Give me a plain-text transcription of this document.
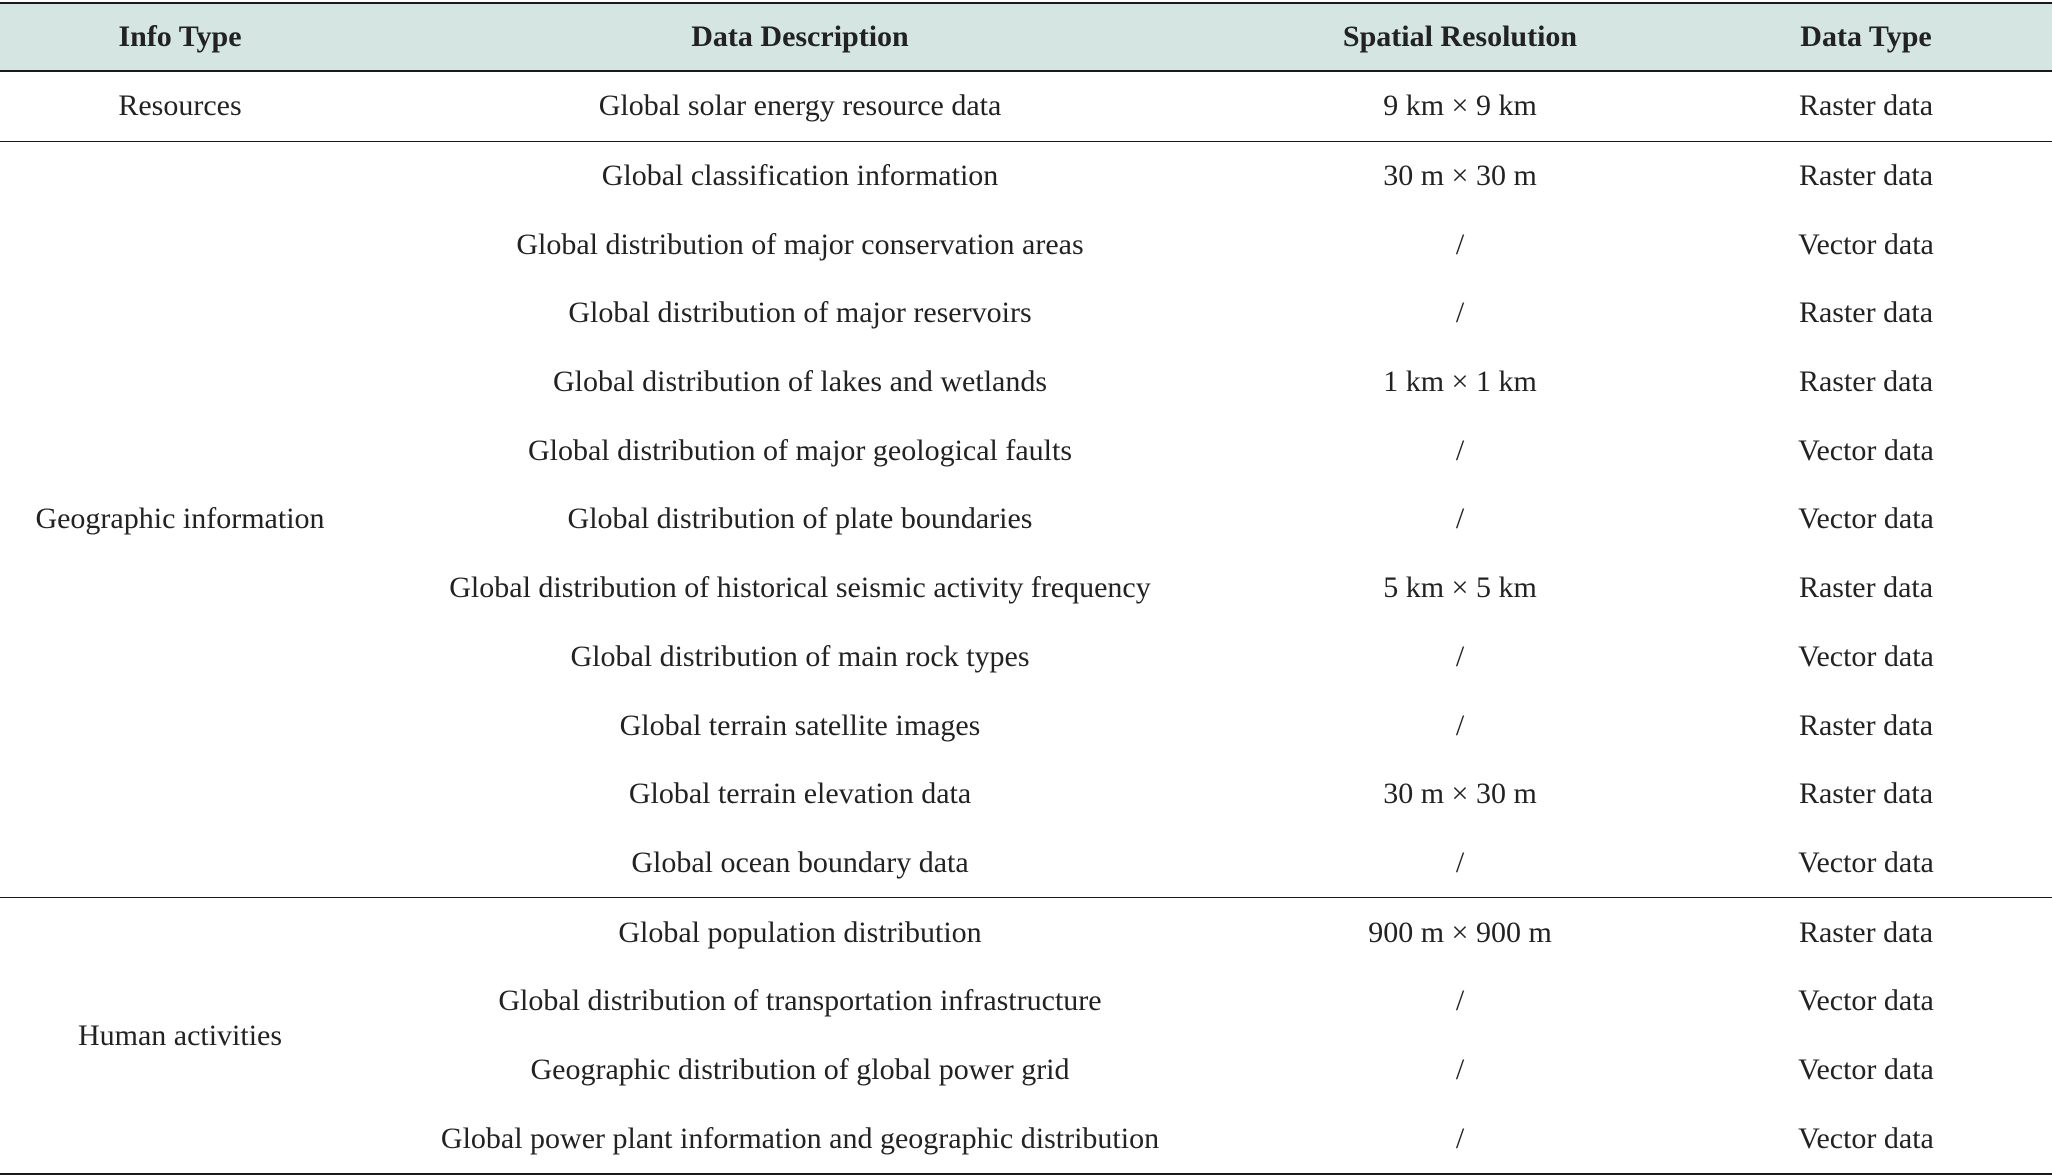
Info Type	Data Description	Spatial Resolution	Data Type
Resources	Global solar energy resource data	9 km × 9 km	Raster data
Geographic information	Global classification information	30 m × 30 m	Raster data
	Global distribution of major conservation areas	/	Vector data
	Global distribution of major reservoirs	/	Raster data
	Global distribution of lakes and wetlands	1 km × 1 km	Raster data
	Global distribution of major geological faults	/	Vector data
	Global distribution of plate boundaries	/	Vector data
	Global distribution of historical seismic activity frequency	5 km × 5 km	Raster data
	Global distribution of main rock types	/	Vector data
	Global terrain satellite images	/	Raster data
	Global terrain elevation data	30 m × 30 m	Raster data
	Global ocean boundary data	/	Vector data
Human activities	Global population distribution	900 m × 900 m	Raster data
	Global distribution of transportation infrastructure	/	Vector data
	Geographic distribution of global power grid	/	Vector data
	Global power plant information and geographic distribution	/	Vector data
